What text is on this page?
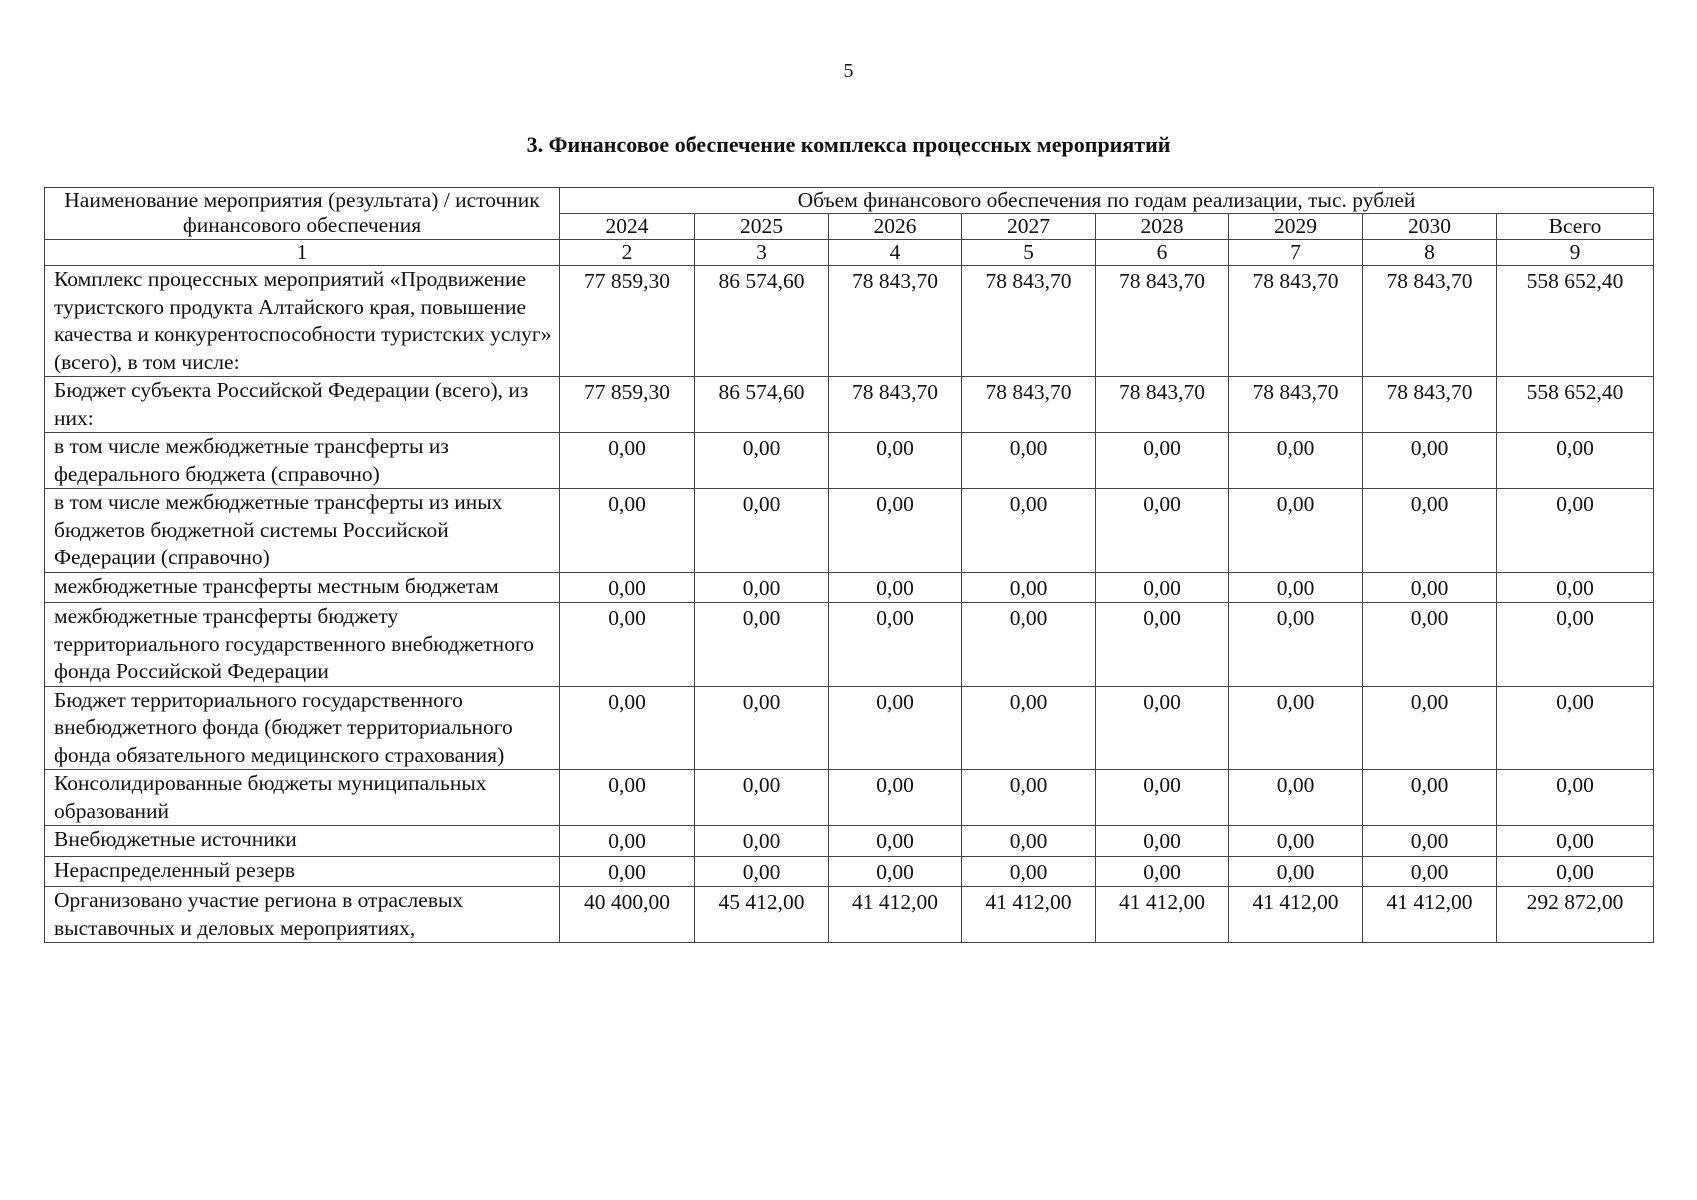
5
3. Финансовое обеспечение комплекса процессных мероприятий
Наименование мероприятия (результата) / источник финансового обеспечения	Объем финансового обеспечения по годам реализации, тыс. рублей							
	2024	2025	2026	2027	2028	2029	2030	Всего
1	2	3	4	5	6	7	8	9
Комплекс процессных мероприятий «Продвижение туристского продукта Алтайского края, повышение качества и конкурентоспособности туристских услуг» (всего), в том числе:	77 859,30	86 574,60	78 843,70	78 843,70	78 843,70	78 843,70	78 843,70	558 652,40
Бюджет субъекта Российской Федерации (всего), из них:	77 859,30	86 574,60	78 843,70	78 843,70	78 843,70	78 843,70	78 843,70	558 652,40
в том числе межбюджетные трансферты из федерального бюджета (справочно)	0,00	0,00	0,00	0,00	0,00	0,00	0,00	0,00
в том числе межбюджетные трансферты из иных бюджетов бюджетной системы Российской Федерации (справочно)	0,00	0,00	0,00	0,00	0,00	0,00	0,00	0,00
межбюджетные трансферты местным бюджетам	0,00	0,00	0,00	0,00	0,00	0,00	0,00	0,00
межбюджетные трансферты бюджету территориального государственного внебюджетного фонда Российской Федерации	0,00	0,00	0,00	0,00	0,00	0,00	0,00	0,00
Бюджет территориального государственного внебюджетного фонда (бюджет территориального фонда обязательного медицинского страхования)	0,00	0,00	0,00	0,00	0,00	0,00	0,00	0,00
Консолидированные бюджеты муниципальных образований	0,00	0,00	0,00	0,00	0,00	0,00	0,00	0,00
Внебюджетные источники	0,00	0,00	0,00	0,00	0,00	0,00	0,00	0,00
Нераспределенный резерв	0,00	0,00	0,00	0,00	0,00	0,00	0,00	0,00
Организовано участие региона в отраслевых выставочных и деловых мероприятиях,	40 400,00	45 412,00	41 412,00	41 412,00	41 412,00	41 412,00	41 412,00	292 872,00
